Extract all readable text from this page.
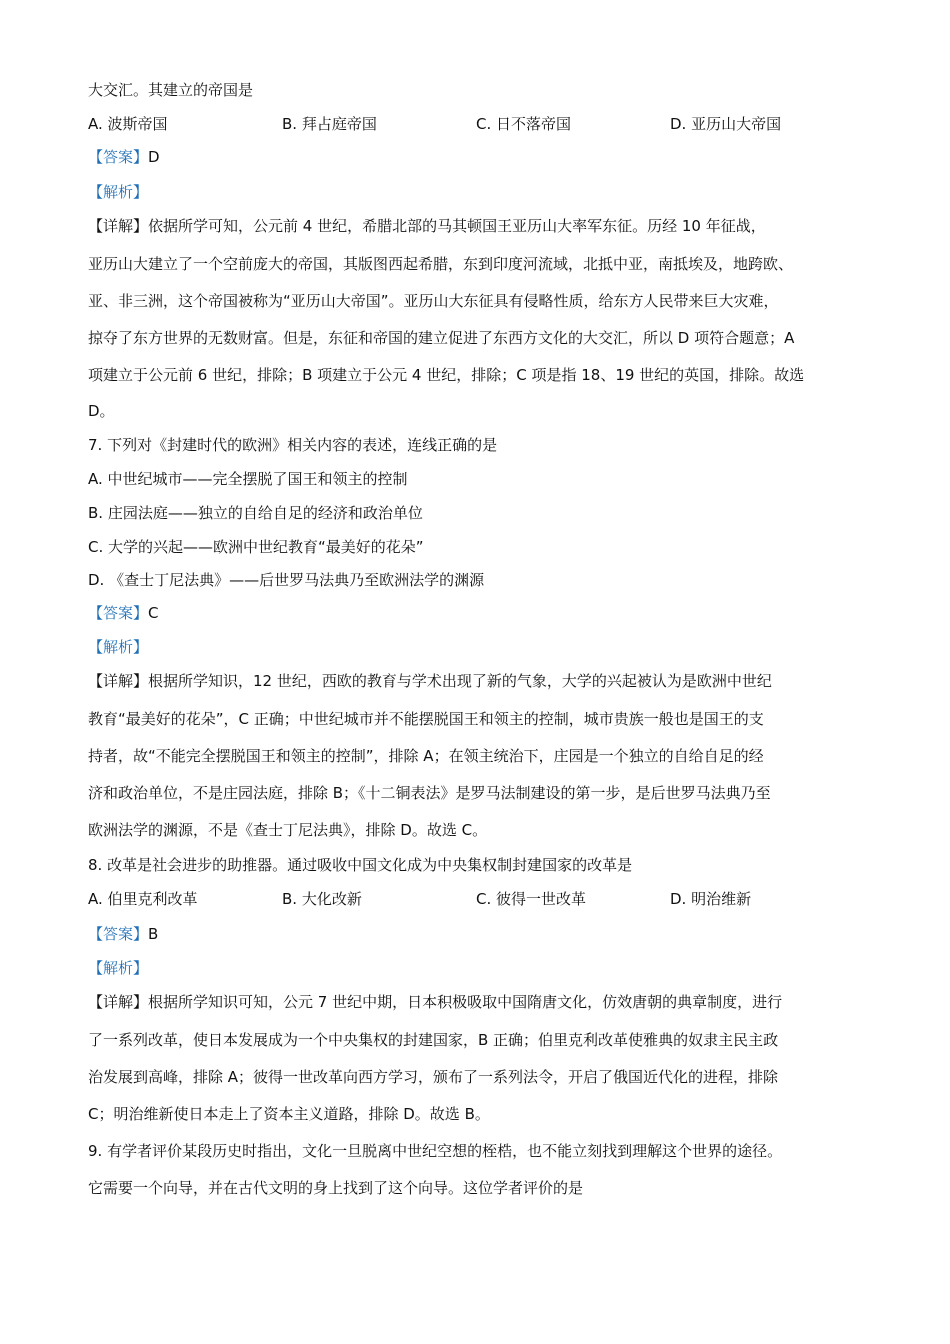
大交汇。其建立的帝国是
A. 波斯帝国	B. 拜占庭帝国	C. 日不落帝国	D. 亚历山大帝国
【答案】D
【解析】
【详解】依据所学可知，公元前 4 世纪，希腊北部的马其顿国王亚历山大率军东征。历经 10 年征战，
亚历山大建立了一个空前庞大的帝国，其版图西起希腊，东到印度河流域，北抵中亚，南抵埃及，地跨欧、
亚、非三洲，这个帝国被称为“亚历山大帝国”。亚历山大东征具有侵略性质，给东方人民带来巨大灾难，
掠夺了东方世界的无数财富。但是，东征和帝国的建立促进了东西方文化的大交汇，所以 D 项符合题意；A
项建立于公元前 6 世纪，排除；B 项建立于公元 4 世纪，排除；C 项是指 18、19 世纪的英国，排除。故选
D。
7. 下列对《封建时代的欧洲》相关内容的表述，连线正确的是
A. 中世纪城市——完全摆脱了国王和领主的控制
B. 庄园法庭——独立的自给自足的经济和政治单位
C. 大学的兴起——欧洲中世纪教育“最美好的花朵”
D. 《查士丁尼法典》——后世罗马法典乃至欧洲法学的渊源
【答案】C
【解析】
【详解】根据所学知识，12 世纪，西欧的教育与学术出现了新的气象，大学的兴起被认为是欧洲中世纪
教育“最美好的花朵”，C 正确；中世纪城市并不能摆脱国王和领主的控制，城市贵族一般也是国王的支
持者，故“不能完全摆脱国王和领主的控制”，排除 A；在领主统治下，庄园是一个独立的自给自足的经
济和政治单位，不是庄园法庭，排除 B；《十二铜表法》是罗马法制建设的第一步，是后世罗马法典乃至
欧洲法学的渊源，不是《查士丁尼法典》，排除 D。故选 C。
8. 改革是社会进步的助推器。通过吸收中国文化成为中央集权制封建国家的改革是
A. 伯里克利改革	B. 大化改新	C. 彼得一世改革	D. 明治维新
【答案】B
【解析】
【详解】根据所学知识可知，公元 7 世纪中期，日本积极吸取中国隋唐文化，仿效唐朝的典章制度，进行
了一系列改革，使日本发展成为一个中央集权的封建国家，B 正确；伯里克利改革使雅典的奴隶主民主政
治发展到高峰，排除 A；彼得一世改革向西方学习，颁布了一系列法令，开启了俄国近代化的进程，排除
C；明治维新使日本走上了资本主义道路，排除 D。故选 B。
9. 有学者评价某段历史时指出，文化一旦脱离中世纪空想的桎梏，也不能立刻找到理解这个世界的途径。
它需要一个向导，并在古代文明的身上找到了这个向导。这位学者评价的是
